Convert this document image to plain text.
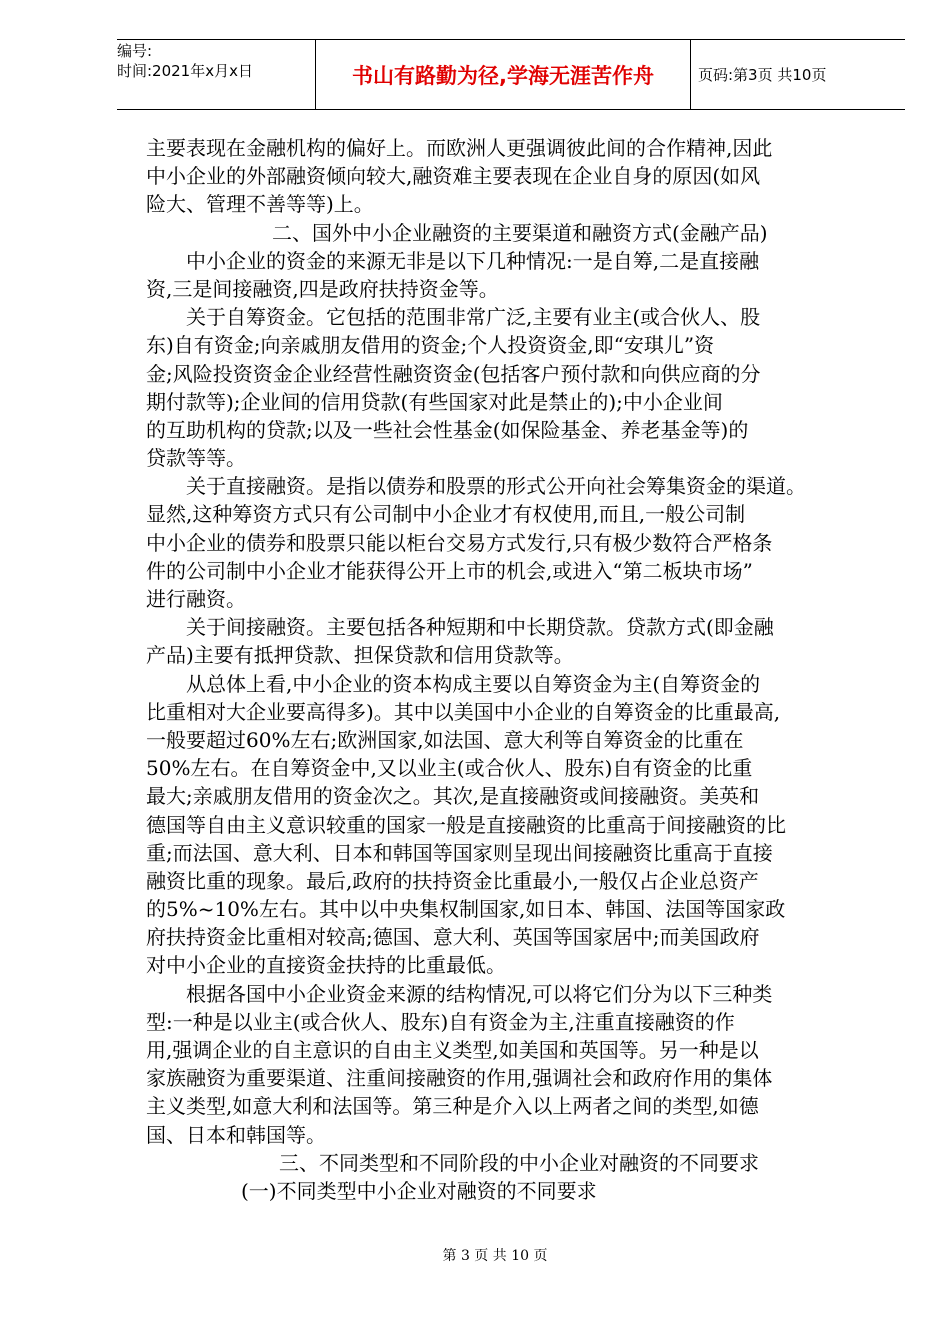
编号:
时间:2021年x月x日	书山有路勤为径,学海无涯苦作舟	页码:第3页 共10页
主要表现在金融机构的偏好上。而欧洲人更强调彼此间的合作精神,因此
中小企业的外部融资倾向较大,融资难主要表现在企业自身的原因(如风
险大、管理不善等等)上。
二、国外中小企业融资的主要渠道和融资方式(金融产品)
中小企业的资金的来源无非是以下几种情况:一是自筹,二是直接融
资,三是间接融资,四是政府扶持资金等。
关于自筹资金。它包括的范围非常广泛,主要有业主(或合伙人、股
东)自有资金;向亲戚朋友借用的资金;个人投资资金,即“安琪儿”资
金;风险投资资金企业经营性融资资金(包括客户预付款和向供应商的分
期付款等);企业间的信用贷款(有些国家对此是禁止的);中小企业间
的互助机构的贷款;以及一些社会性基金(如保险基金、养老基金等)的
贷款等等。
关于直接融资。是指以债券和股票的形式公开向社会筹集资金的渠道。
显然,这种筹资方式只有公司制中小企业才有权使用,而且,一般公司制
中小企业的债券和股票只能以柜台交易方式发行,只有极少数符合严格条
件的公司制中小企业才能获得公开上市的机会,或进入“第二板块市场”
进行融资。
关于间接融资。主要包括各种短期和中长期贷款。贷款方式(即金融
产品)主要有抵押贷款、担保贷款和信用贷款等。
从总体上看,中小企业的资本构成主要以自筹资金为主(自筹资金的
比重相对大企业要高得多)。其中以美国中小企业的自筹资金的比重最高,
一般要超过60%左右;欧洲国家,如法国、意大利等自筹资金的比重在
50%左右。在自筹资金中,又以业主(或合伙人、股东)自有资金的比重
最大;亲戚朋友借用的资金次之。其次,是直接融资或间接融资。美英和
德国等自由主义意识较重的国家一般是直接融资的比重高于间接融资的比
重;而法国、意大利、日本和韩国等国家则呈现出间接融资比重高于直接
融资比重的现象。最后,政府的扶持资金比重最小,一般仅占企业总资产
的5%~10%左右。其中以中央集权制国家,如日本、韩国、法国等国家政
府扶持资金比重相对较高;德国、意大利、英国等国家居中;而美国政府
对中小企业的直接资金扶持的比重最低。
根据各国中小企业资金来源的结构情况,可以将它们分为以下三种类
型:一种是以业主(或合伙人、股东)自有资金为主,注重直接融资的作
用,强调企业的自主意识的自由主义类型,如美国和英国等。另一种是以
家族融资为重要渠道、注重间接融资的作用,强调社会和政府作用的集体
主义类型,如意大利和法国等。第三种是介入以上两者之间的类型,如德
国、日本和韩国等。
三、不同类型和不同阶段的中小企业对融资的不同要求
(一)不同类型中小企业对融资的不同要求
第 3 页 共 10 页
